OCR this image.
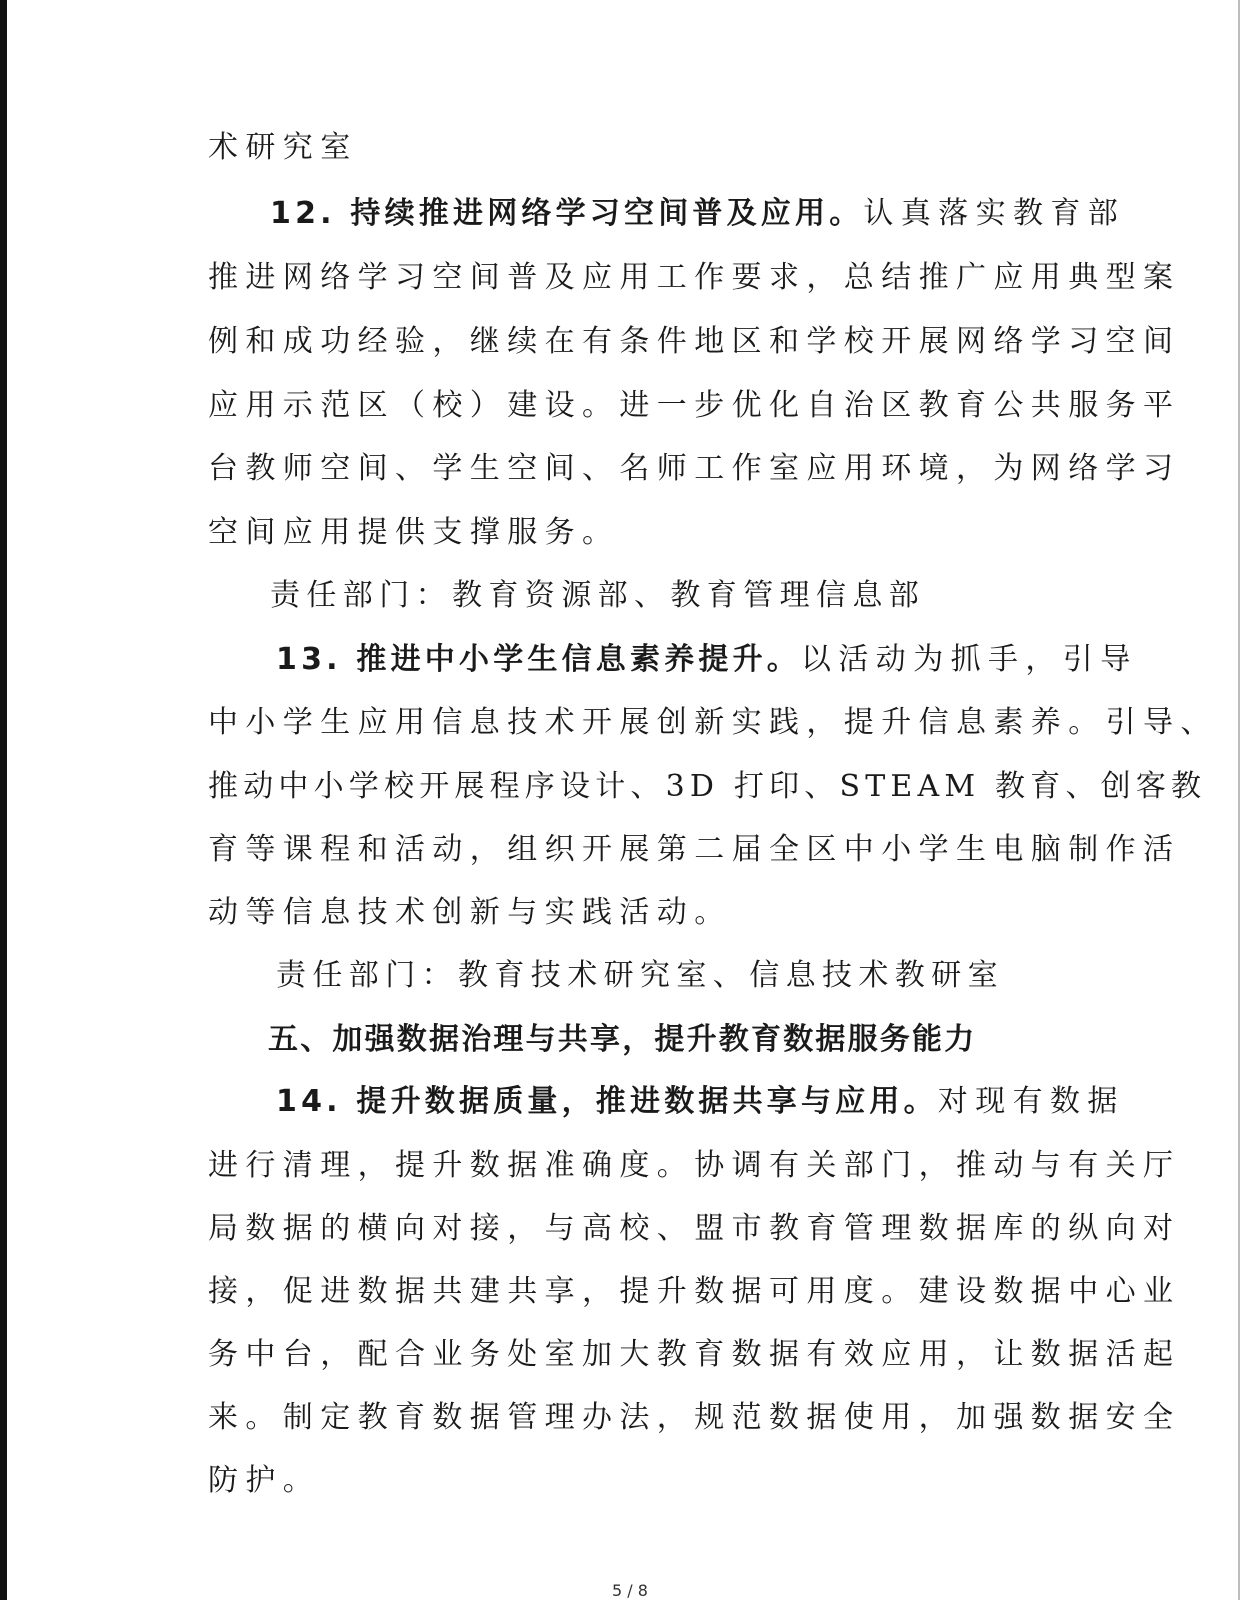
术研究室
12. 持续推进网络学习空间普及应用。认真落实教育部
推进网络学习空间普及应用工作要求，总结推广应用典型案
例和成功经验，继续在有条件地区和学校开展网络学习空间
应用示范区（校）建设。进一步优化自治区教育公共服务平
台教师空间、学生空间、名师工作室应用环境，为网络学习
空间应用提供支撑服务。
责任部门：教育资源部、教育管理信息部
13. 推进中小学生信息素养提升。以活动为抓手，引导
中小学生应用信息技术开展创新实践，提升信息素养。引导、
推动中小学校开展程序设计、3D 打印、STEAM 教育、创客教
育等课程和活动，组织开展第二届全区中小学生电脑制作活
动等信息技术创新与实践活动。
责任部门：教育技术研究室、信息技术教研室
五、加强数据治理与共享，提升教育数据服务能力
14. 提升数据质量，推进数据共享与应用。对现有数据
进行清理，提升数据准确度。协调有关部门，推动与有关厅
局数据的横向对接，与高校、盟市教育管理数据库的纵向对
接，促进数据共建共享，提升数据可用度。建设数据中心业
务中台，配合业务处室加大教育数据有效应用，让数据活起
来。制定教育数据管理办法，规范数据使用，加强数据安全
防护。
5 / 8
